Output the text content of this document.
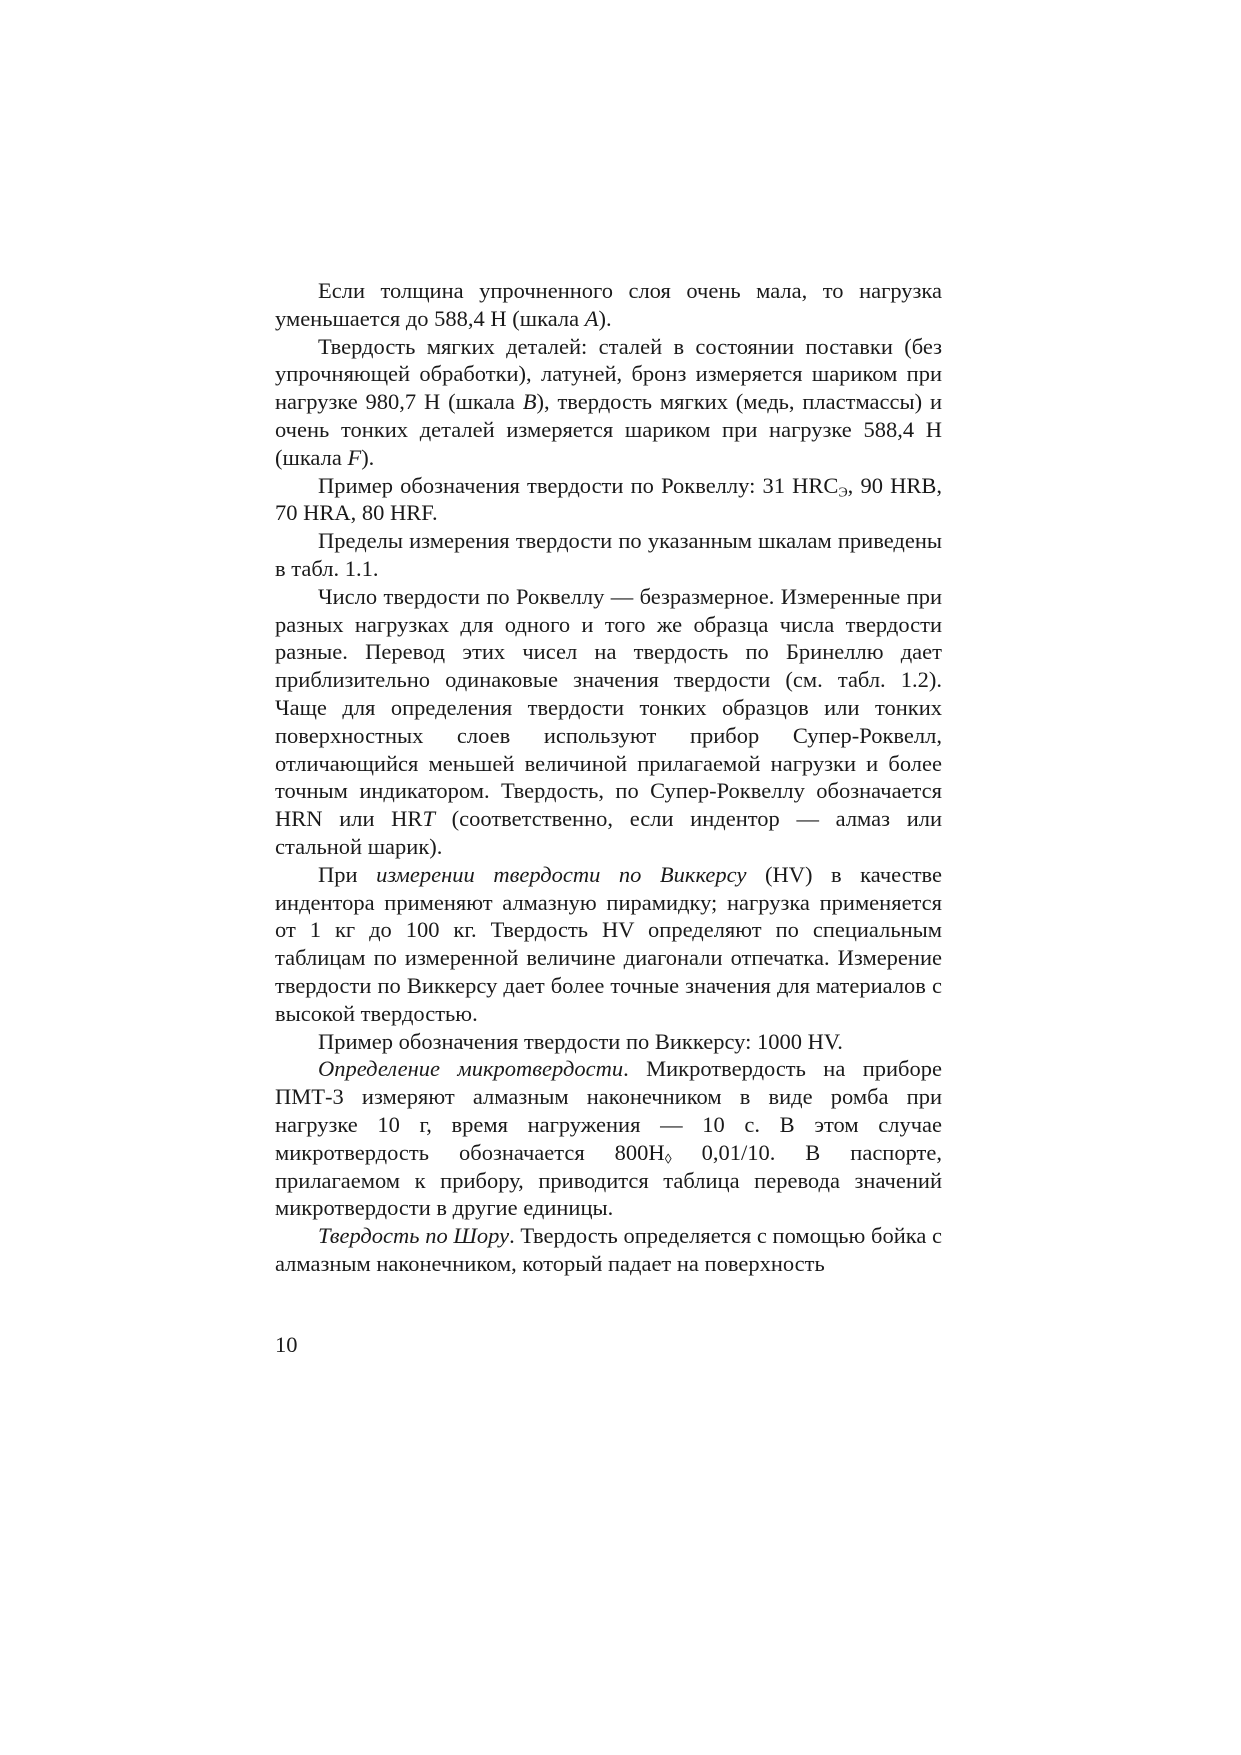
Если толщина упрочненного слоя очень мала, то нагрузка уменьшается до 588,4 Н (шкала A).

Твердость мягких деталей: сталей в состоянии поставки (без упрочняющей обработки), латуней, бронз измеряется шариком при нагрузке 980,7 Н (шкала B), твердость мягких (медь, пластмассы) и очень тонких деталей измеряется шариком при нагрузке 588,4 Н (шкала F).

Пример обозначения твердости по Роквеллу: 31 $HRC_Э$, 90 HRB, 70 HRA, 80 HRF.

Пределы измерения твердости по указанным шкалам приведены в табл. 1.1.

Число твердости по Роквеллу — безразмерное. Измеренные при разных нагрузках для одного и того же образца числа твердости разные. Перевод этих чисел на твердость по Бринеллю дает приблизительно одинаковые значения твердости (см. табл. 1.2). Чаще для определения твердости тонких образцов или тонких поверхностных слоев используют прибор Супер-Роквелл, отличающийся меньшей величиной прилагаемой нагрузки и более точным индикатором. Твердость, по Супер-Роквеллу обозначается HRN или HRT (соответственно, если индентор — алмаз или стальной шарик).

При измерении твердости по Виккерсу (HV) в качестве индентора применяют алмазную пирамидку; нагрузка применяется от 1 кг до 100 кг. Твердость HV определяют по специальным таблицам по измеренной величине диагонали отпечатка. Измерение твердости по Виккерсу дает более точные значения для материалов с высокой твердостью.

Пример обозначения твердости по Виккерсу: 1000 HV.

Определение микротвердости. Микротвердость на приборе ПМТ-3 измеряют алмазным наконечником в виде ромба при нагрузке 10 г, время нагружения — 10 с. В этом случае микротвердость обозначается $800H_◊$ 0,01/10. В паспорте, прилагаемом к прибору, приводится таблица перевода значений микротвердости в другие единицы.

Твердость по Шору. Твердость определяется с помощью бойка с алмазным наконечником, который падает на поверхность

10
